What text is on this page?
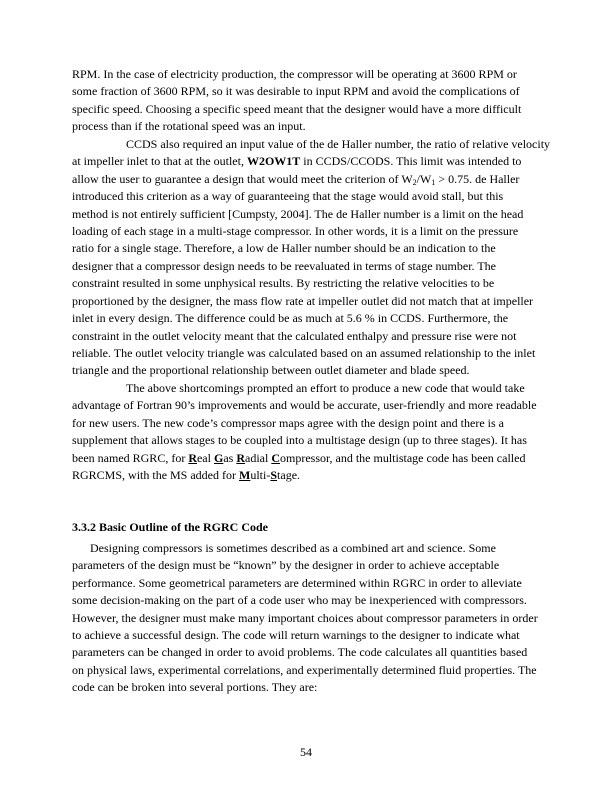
RPM. In the case of electricity production, the compressor will be operating at 3600 RPM or
some fraction of 3600 RPM, so it was desirable to input RPM and avoid the complications of
specific speed. Choosing a specific speed meant that the designer would have a more difficult
process than if the rotational speed was an input.
CCDS also required an input value of the de Haller number, the ratio of relative velocity
at impeller inlet to that at the outlet, W2OW1T in CCDS/CCODS. This limit was intended to
allow the user to guarantee a design that would meet the criterion of $W_2/W_1 > 0.75$. de Haller
introduced this criterion as a way of guaranteeing that the stage would avoid stall, but this
method is not entirely sufficient [Cumpsty, 2004]. The de Haller number is a limit on the head
loading of each stage in a multi-stage compressor. In other words, it is a limit on the pressure
ratio for a single stage. Therefore, a low de Haller number should be an indication to the
designer that a compressor design needs to be reevaluated in terms of stage number. The
constraint resulted in some unphysical results. By restricting the relative velocities to be
proportioned by the designer, the mass flow rate at impeller outlet did not match that at impeller
inlet in every design. The difference could be as much at 5.6 % in CCDS. Furthermore, the
constraint in the outlet velocity meant that the calculated enthalpy and pressure rise were not
reliable. The outlet velocity triangle was calculated based on an assumed relationship to the inlet
triangle and the proportional relationship between outlet diameter and blade speed.
The above shortcomings prompted an effort to produce a new code that would take
advantage of Fortran 90’s improvements and would be accurate, user-friendly and more readable
for new users. The new code’s compressor maps agree with the design point and there is a
supplement that allows stages to be coupled into a multistage design (up to three stages). It has
been named RGRC, for Real Gas Radial Compressor, and the multistage code has been called
RGRCMS, with the MS added for Multi-Stage.
3.3.2 Basic Outline of the RGRC Code
Designing compressors is sometimes described as a combined art and science. Some
parameters of the design must be “known” by the designer in order to achieve acceptable
performance. Some geometrical parameters are determined within RGRC in order to alleviate
some decision-making on the part of a code user who may be inexperienced with compressors.
However, the designer must make many important choices about compressor parameters in order
to achieve a successful design. The code will return warnings to the designer to indicate what
parameters can be changed in order to avoid problems. The code calculates all quantities based
on physical laws, experimental correlations, and experimentally determined fluid properties. The
code can be broken into several portions. They are:
54
